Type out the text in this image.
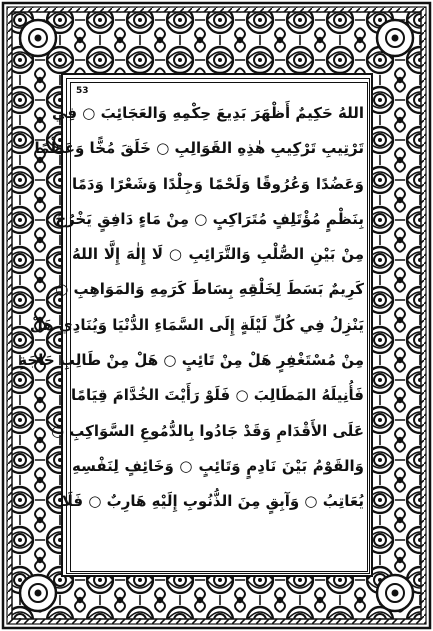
53
اللهُ حَكِيمٌ أَظْهَرَ بَدِيعَ حِكْمِهِ وَالعَجَائِبَ ○ فِي
تَرْتِيبِ تَرْكِيبِ هٰذِهِ القَوَالِبِ ○ خَلَقَ مُخًّا وَعَظْمًا
وَعَضُدًا وَعُرُوقًا وَلَحْمًا وَجِلْدًا وَشَعْرًا وَدَمًا
بِنَظْمٍ مُؤْتَلِفٍ مُتَرَاكِبٍ ○ مِنْ مَاءٍ دَافِقٍ يَخْرُجُ
مِنْ بَيْنِ الصُّلْبِ وَالتَّرَائِبِ ○ لَا إِلٰهَ إِلَّا اللهُ
كَرِيمٌ بَسَطَ لِخَلْقِهِ بِسَاطَ كَرَمِهِ وَالمَوَاهِبِ ○
يَنْزِلُ فِي كُلِّ لَيْلَةٍ إِلَى السَّمَاءِ الدُّنْيَا وَيُنَادِي هَلْ
مِنْ مُسْتَغْفِرٍ هَلْ مِنْ تَائِبٍ ○ هَلْ مِنْ طَالِبِ حَاجَةٍ
فَأُنِيلَهُ المَطَالِبَ ○ فَلَوْ رَأَيْتَ الخُدَّامَ قِيَامًا
عَلَى الأَقْدَامِ وَقَدْ جَادُوا بِالدُّمُوعِ السَّوَاكِبِ ○
وَالقَوْمُ بَيْنَ نَادِمٍ وَتَائِبٍ ○ وَخَائِفٍ لِنَفْسِهِ
يُعَاتِبُ ○ وَآبِقٍ مِنَ الذُّنُوبِ إِلَيْهِ هَارِبٌ ○ فَلَا
